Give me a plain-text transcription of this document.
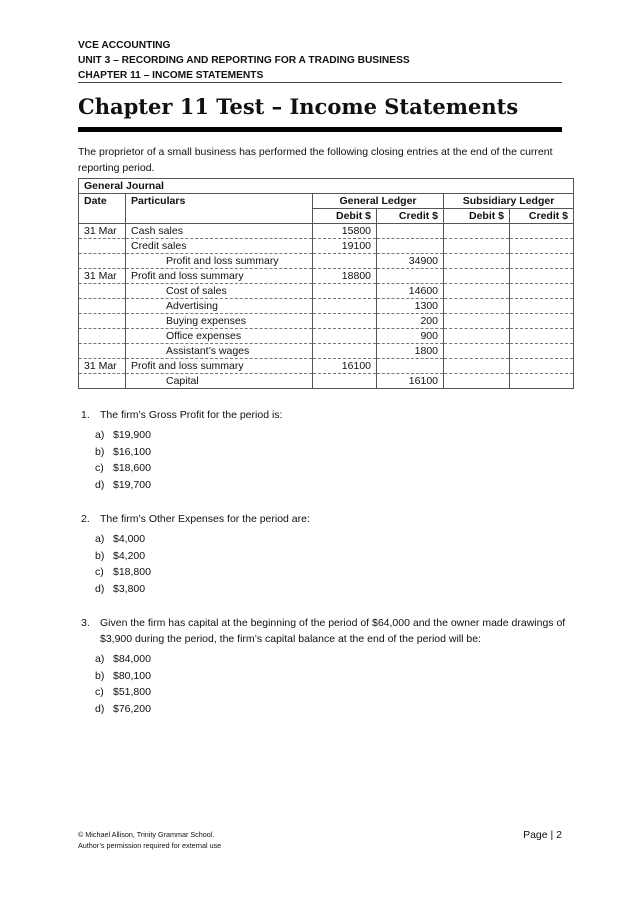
VCE ACCOUNTING
UNIT 3 – RECORDING AND REPORTING FOR A TRADING BUSINESS
CHAPTER 11 – INCOME STATEMENTS
Chapter 11 Test – Income Statements
The proprietor of a small business has performed the following closing entries at the end of the current reporting period.
General Journal					
Date	Particulars	General Ledger		Subsidiary Ledger	
		Debit $	Credit $	Debit $	Credit $
31 Mar	Cash sales	15800			
	Credit sales	19100			
	Profit and loss summary		34900		
31 Mar	Profit and loss summary	18800			
	Cost of sales		14600		
	Advertising		1300		
	Buying expenses		200		
	Office expenses		900		
	Assistant’s wages		1800		
31 Mar	Profit and loss summary	16100			
	Capital		16100		
1. The firm’s Gross Profit for the period is:
a) $19,900
b) $16,100
c) $18,600
d) $19,700
2. The firm’s Other Expenses for the period are:
a) $4,000
b) $4,200
c) $18,800
d) $3,800
3. Given the firm has capital at the beginning of the period of $64,000 and the owner made drawings of $3,900 during the period, the firm’s capital balance at the end of the period will be:
a) $84,000
b) $80,100
c) $51,800
d) $76,200
© Michael Allison, Trinity Grammar School.
Author’s permission required for external use
Page | 2
